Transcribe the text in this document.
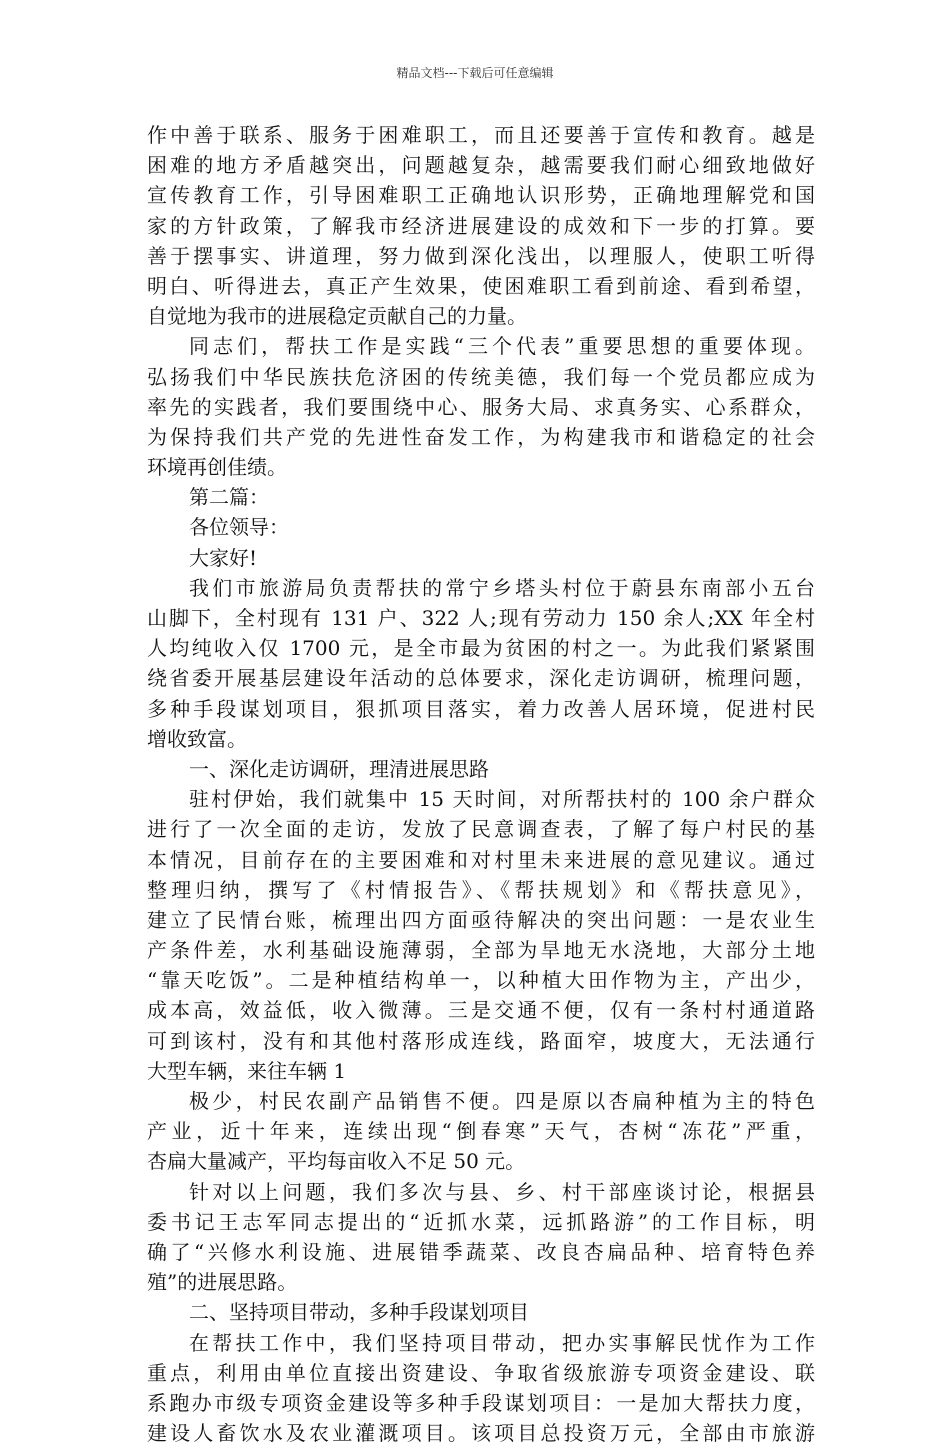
精品文档---下载后可任意编辑
作中善于联系、服务于困难职工，而且还要善于宣传和教育。越是
困难的地方矛盾越突出，问题越复杂，越需要我们耐心细致地做好
宣传教育工作，引导困难职工正确地认识形势，正确地理解党和国
家的方针政策，了解我市经济进展建设的成效和下一步的打算。要
善于摆事实、讲道理，努力做到深化浅出，以理服人，使职工听得
明白、听得进去，真正产生效果，使困难职工看到前途、看到希望，
自觉地为我市的进展稳定贡献自己的力量。
同志们，帮扶工作是实践“三个代表”重要思想的重要体现。
弘扬我们中华民族扶危济困的传统美德，我们每一个党员都应成为
率先的实践者，我们要围绕中心、服务大局、求真务实、心系群众，
为保持我们共产党的先进性奋发工作，为构建我市和谐稳定的社会
环境再创佳绩。
第二篇：
各位领导：
大家好!
我们市旅游局负责帮扶的常宁乡塔头村位于蔚县东南部小五台
山脚下，全村现有 131 户、322 人;现有劳动力 150 余人;XX 年全村
人均纯收入仅 1700 元，是全市最为贫困的村之一。为此我们紧紧围
绕省委开展基层建设年活动的总体要求，深化走访调研，梳理问题，
多种手段谋划项目，狠抓项目落实，着力改善人居环境，促进村民
增收致富。
一、深化走访调研，理清进展思路
驻村伊始，我们就集中 15 天时间，对所帮扶村的 100 余户群众
进行了一次全面的走访，发放了民意调查表，了解了每户村民的基
本情况，目前存在的主要困难和对村里未来进展的意见建议。通过
整理归纳，撰写了《村情报告》、《帮扶规划》和《帮扶意见》，
建立了民情台账，梳理出四方面亟待解决的突出问题：一是农业生
产条件差，水利基础设施薄弱，全部为旱地无水浇地，大部分土地
“靠天吃饭”。二是种植结构单一，以种植大田作物为主，产出少，
成本高，效益低，收入微薄。三是交通不便，仅有一条村村通道路
可到该村，没有和其他村落形成连线，路面窄，坡度大，无法通行
大型车辆，来往车辆 1
极少，村民农副产品销售不便。四是原以杏扁种植为主的特色
产业，近十年来，连续出现“倒春寒”天气，杏树“冻花”严重，
杏扁大量减产，平均每亩收入不足 50 元。
针对以上问题，我们多次与县、乡、村干部座谈讨论，根据县
委书记王志军同志提出的“近抓水菜，远抓路游”的工作目标，明
确了“兴修水利设施、进展错季蔬菜、改良杏扁品种、培育特色养
殖”的进展思路。
二、坚持项目带动，多种手段谋划项目
在帮扶工作中，我们坚持项目带动，把办实事解民忧作为工作
重点，利用由单位直接出资建设、争取省级旅游专项资金建设、联
系跑办市级专项资金建设等多种手段谋划项目：一是加大帮扶力度，
建设人畜饮水及农业灌溉项目。该项目总投资万元，全部由市旅游
